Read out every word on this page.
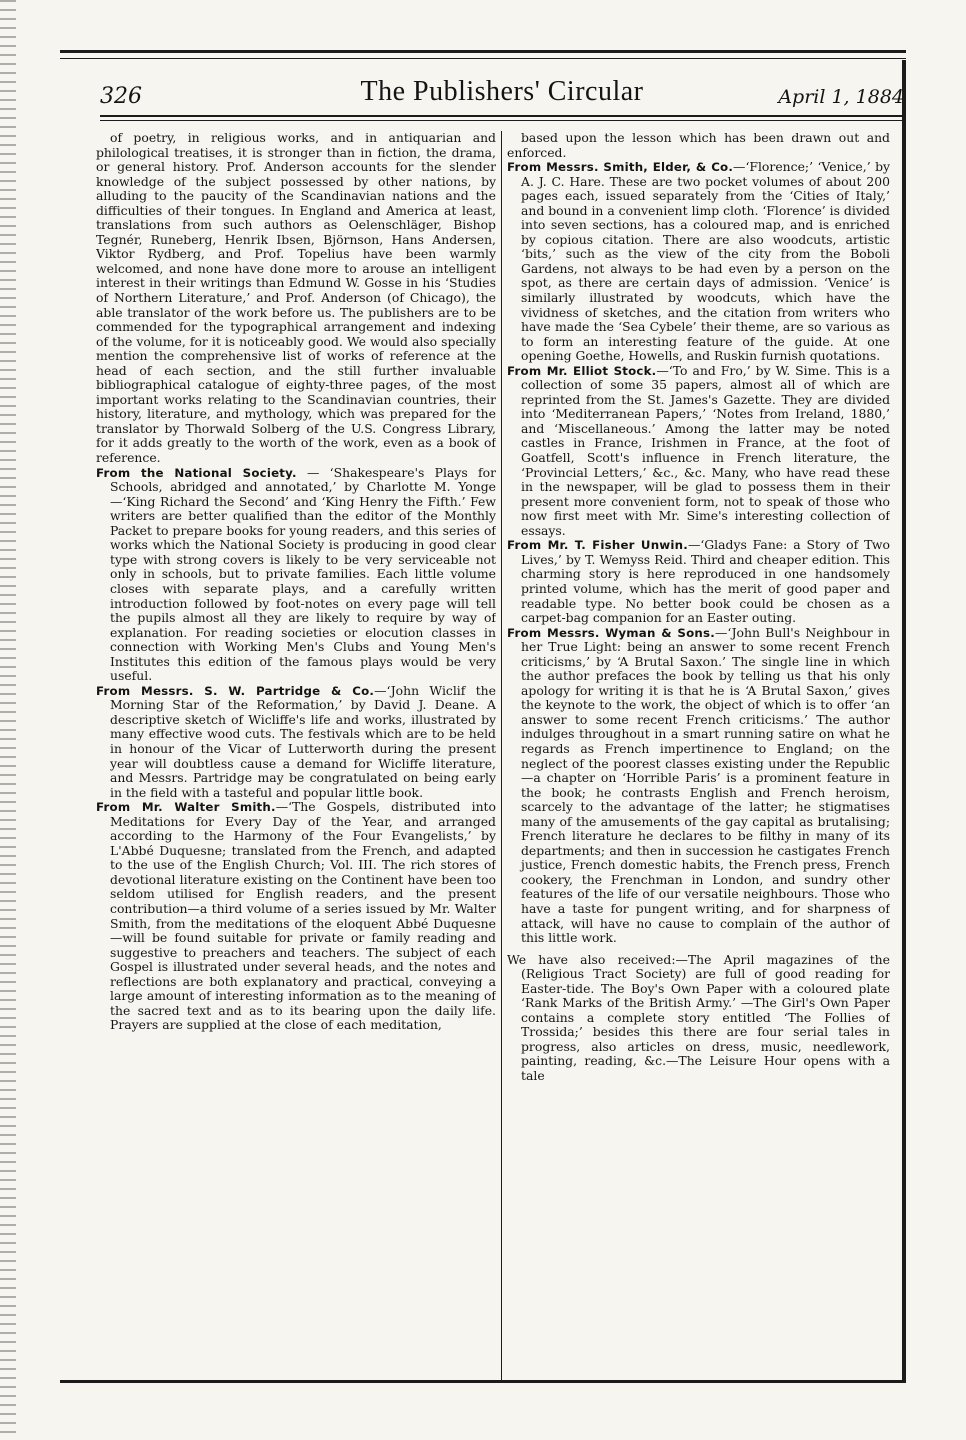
326	The Publishers' Circular	April 1, 1884

of poetry, in religious works, and in antiquarian and philological treatises, it is stronger than in fiction, the drama, or general history. Prof. Anderson accounts for the slender knowledge of the subject possessed by other nations, by alluding to the paucity of the Scandinavian nations and the difficulties of their tongues. In England and America at least, translations from such authors as Oelenschläger, Bishop Tegnér, Runeberg, Henrik Ibsen, Björnson, Hans Andersen, Viktor Rydberg, and Prof. Topelius have been warmly welcomed, and none have done more to arouse an intelligent interest in their writings than Edmund W. Gosse in his ‘Studies of Northern Literature,’ and Prof. Anderson (of Chicago), the able translator of the work before us. The publishers are to be commended for the typographical arrangement and indexing of the volume, for it is noticeably good. We would also specially mention the comprehensive list of works of reference at the head of each section, and the still further invaluable bibliographical catalogue of eighty-three pages, of the most important works relating to the Scandinavian countries, their history, literature, and mythology, which was prepared for the translator by Thorwald Solberg of the U.S. Congress Library, for it adds greatly to the worth of the work, even as a book of reference.

From the National Society. — ‘Shakespeare's Plays for Schools, abridged and annotated,’ by Charlotte M. Yonge—‘King Richard the Second’ and ‘King Henry the Fifth.’ Few writers are better qualified than the editor of the Monthly Packet to prepare books for young readers, and this series of works which the National Society is producing in good clear type with strong covers is likely to be very serviceable not only in schools, but to private families. Each little volume closes with separate plays, and a carefully written introduction followed by foot-notes on every page will tell the pupils almost all they are likely to require by way of explanation. For reading societies or elocution classes in connection with Working Men's Clubs and Young Men's Institutes this edition of the famous plays would be very useful.

From Messrs. S. W. Partridge & Co.—‘John Wiclif the Morning Star of the Reformation,’ by David J. Deane. A descriptive sketch of Wicliffe's life and works, illustrated by many effective wood cuts. The festivals which are to be held in honour of the Vicar of Lutterworth during the present year will doubtless cause a demand for Wicliffe literature, and Messrs. Partridge may be congratulated on being early in the field with a tasteful and popular little book.

From Mr. Walter Smith.—‘The Gospels, distributed into Meditations for Every Day of the Year, and arranged according to the Harmony of the Four Evangelists,’ by L'Abbé Duquesne; translated from the French, and adapted to the use of the English Church; Vol. III. The rich stores of devotional literature existing on the Continent have been too seldom utilised for English readers, and the present contribution—a third volume of a series issued by Mr. Walter Smith, from the meditations of the eloquent Abbé Duquesne—will be found suitable for private or family reading and suggestive to preachers and teachers. The subject of each Gospel is illustrated under several heads, and the notes and reflections are both explanatory and practical, conveying a large amount of interesting information as to the meaning of the sacred text and as to its bearing upon the daily life. Prayers are supplied at the close of each meditation,

based upon the lesson which has been drawn out and enforced.

From Messrs. Smith, Elder, & Co.—‘Florence;’ ‘Venice,’ by A. J. C. Hare. These are two pocket volumes of about 200 pages each, issued separately from the ‘Cities of Italy,’ and bound in a convenient limp cloth. ‘Florence’ is divided into seven sections, has a coloured map, and is enriched by copious citation. There are also woodcuts, artistic ‘bits,’ such as the view of the city from the Boboli Gardens, not always to be had even by a person on the spot, as there are certain days of admission. ‘Venice’ is similarly illustrated by woodcuts, which have the vividness of sketches, and the citation from writers who have made the ‘Sea Cybele’ their theme, are so various as to form an interesting feature of the guide. At one opening Goethe, Howells, and Ruskin furnish quotations.

From Mr. Elliot Stock.—‘To and Fro,’ by W. Sime. This is a collection of some 35 papers, almost all of which are reprinted from the St. James's Gazette. They are divided into ‘Mediterranean Papers,’ ‘Notes from Ireland, 1880,’ and ‘Miscellaneous.’ Among the latter may be noted castles in France, Irishmen in France, at the foot of Goatfell, Scott's influence in French literature, the ‘Provincial Letters,’ &c., &c. Many, who have read these in the newspaper, will be glad to possess them in their present more convenient form, not to speak of those who now first meet with Mr. Sime's interesting collection of essays.

From Mr. T. Fisher Unwin.—‘Gladys Fane: a Story of Two Lives,’ by T. Wemyss Reid. Third and cheaper edition. This charming story is here reproduced in one handsomely printed volume, which has the merit of good paper and readable type. No better book could be chosen as a carpet-bag companion for an Easter outing.

From Messrs. Wyman & Sons.—‘John Bull's Neighbour in her True Light: being an answer to some recent French criticisms,’ by ‘A Brutal Saxon.’ The single line in which the author prefaces the book by telling us that his only apology for writing it is that he is ‘A Brutal Saxon,’ gives the keynote to the work, the object of which is to offer ‘an answer to some recent French criticisms.’ The author indulges throughout in a smart running satire on what he regards as French impertinence to England; on the neglect of the poorest classes existing under the Republic—a chapter on ‘Horrible Paris’ is a prominent feature in the book; he contrasts English and French heroism, scarcely to the advantage of the latter; he stigmatises many of the amusements of the gay capital as brutalising; French literature he declares to be filthy in many of its departments; and then in succession he castigates French justice, French domestic habits, the French press, French cookery, the Frenchman in London, and sundry other features of the life of our versatile neighbours. Those who have a taste for pungent writing, and for sharpness of attack, will have no cause to complain of the author of this little work.

We have also received:—The April magazines of the (Religious Tract Society) are full of good reading for Easter-tide. The Boy's Own Paper with a coloured plate ‘Rank Marks of the British Army.’ —The Girl's Own Paper contains a complete story entitled ‘The Follies of Trossida;’ besides this there are four serial tales in progress, also articles on dress, music, needlework, painting, reading, &c.—The Leisure Hour opens with a tale
